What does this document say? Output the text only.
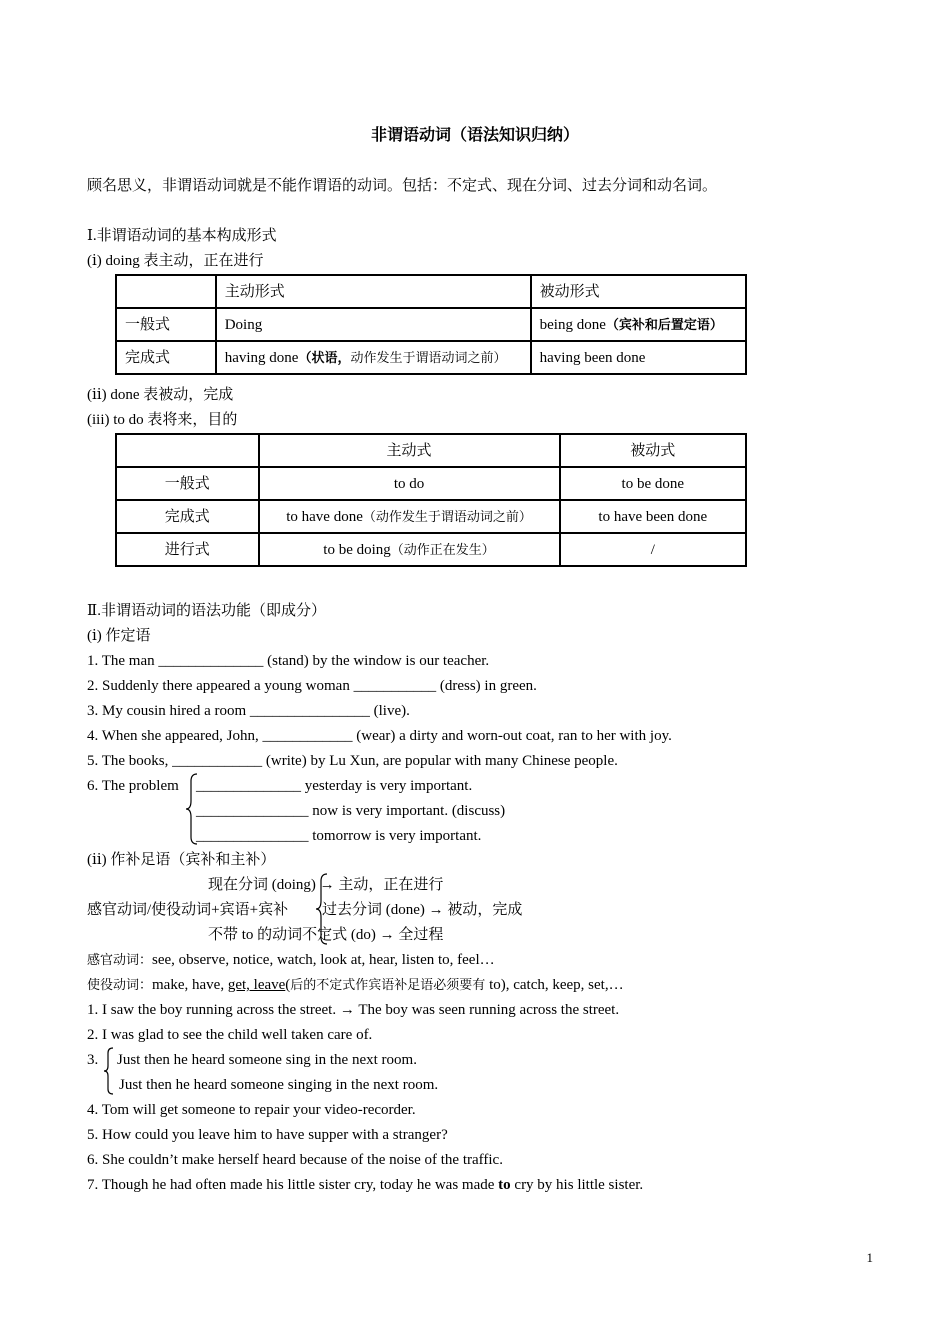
非谓语动词（语法知识归纳）
顾名思义，非谓语动词就是不能作谓语的动词。包括：不定式、现在分词、过去分词和动名词。
Ⅰ.非谓语动词的基本构成形式
(ⅰ) doing 表主动，正在进行
	主动形式	被动形式
一般式	Doing	being done（宾补和后置定语）
完成式	having done（状语，动作发生于谓语动词之前）	having been done
(ⅱ) done 表被动，完成
(iii) to do 表将来，目的
	主动式	被动式
一般式	to do	to be done
完成式	to have done（动作发生于谓语动词之前）	to have been done
进行式	to be doing（动作正在发生）	/
Ⅱ.非谓语动词的语法功能（即成分）
(ⅰ) 作定语
1. The man ______________ (stand) by the window is our teacher.
2. Suddenly there appeared a young woman ___________ (dress) in green.
3. My cousin hired a room ________________ (live).
4. When she appeared, John, ____________ (wear) a dirty and worn-out coat, ran to her with joy.
5. The books, ____________ (write) by Lu Xun, are popular with many Chinese people.
6. The problem ______________ yesterday is very important.
_______________ now is very important. (discuss)
_______________ tomorrow is very important.
(ⅱ) 作补足语（宾补和主补）
现在分词 (doing) → 主动，正在进行
感官动词/使役动词+宾语+宾补 过去分词 (done) → 被动，完成
不带 to 的动词不定式 (do) → 全过程
感官动词：see, observe, notice, watch, look at, hear, listen to, feel…
使役动词：make, have, get, leave(后的不定式作宾语补足语必须要有 to), catch, keep, set,…
1. I saw the boy running across the street. → The boy was seen running across the street.
2. I was glad to see the child well taken care of.
3. Just then he heard someone sing in the next room.
Just then he heard someone singing in the next room.
4. Tom will get someone to repair your video-recorder.
5. How could you leave him to have supper with a stranger?
6. She couldn’t make herself heard because of the noise of the traffic.
7. Though he had often made his little sister cry, today he was made to cry by his little sister.
1
